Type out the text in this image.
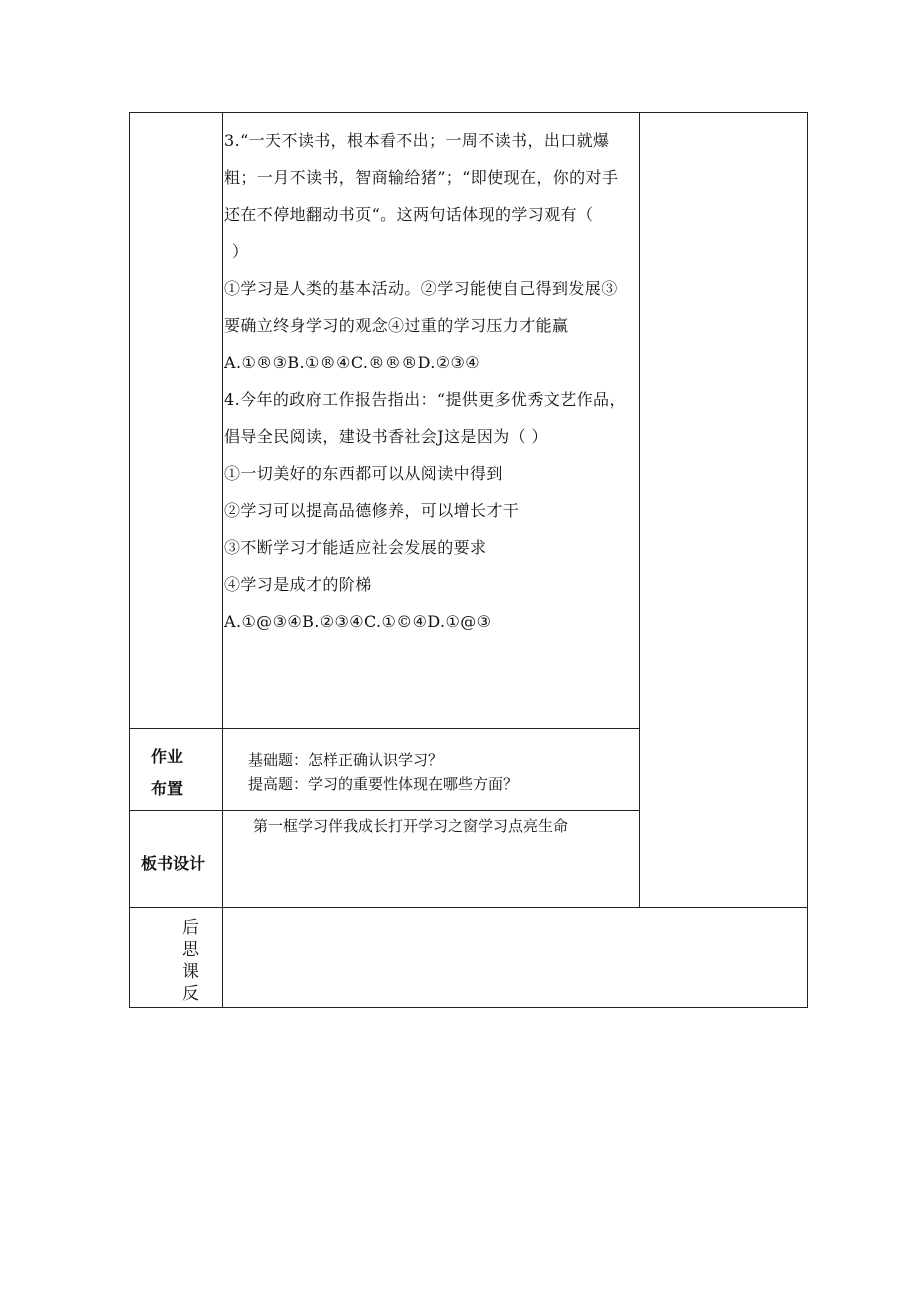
3.“一天不读书，根本看不出；一周不读书，出口就爆
粗；一月不读书，智商输给猪”；“即使现在，你的对手
还在不停地翻动书页“。这两句话体现的学习观有（
）
①学习是人类的基本活动。②学习能使自己得到发展③
要确立终身学习的观念④过重的学习压力才能赢
A.①®③B.①®④C.®®®D.②③④
4.今年的政府工作报告指出：“提供更多优秀文艺作品，
倡导全民阅读，建设书香社会J这是因为（ ）
①一切美好的东西都可以从阅读中得到
②学习可以提高品德修养，可以增长才干
③不断学习才能适应社会发展的要求
④学习是成才的阶梯
A.①@③④B.②③④C.①©④D.①@③
作业
布置
基础题：怎样正确认识学习？
提高题：学习的重要性体现在哪些方面？
板书设计
第一框学习伴我成长打开学习之窗学习点亮生命
后
思
课
反
